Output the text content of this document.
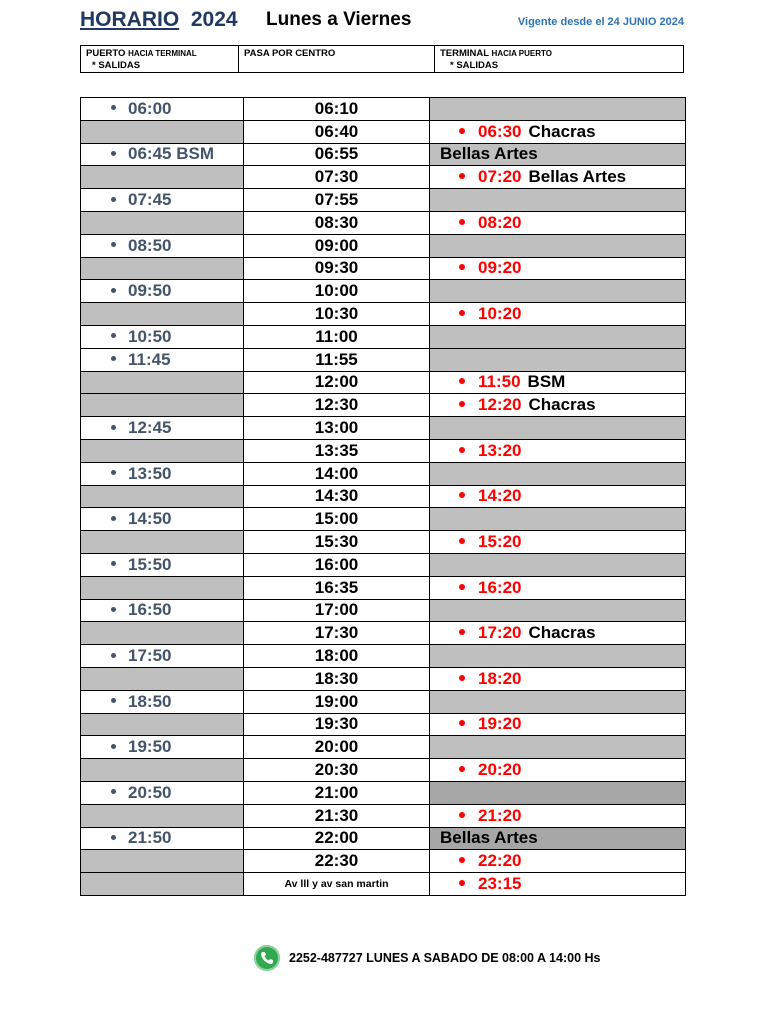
HORARIO 2024 Lunes a Viernes	Vigente desde el 24 JUNIO 2024
PUERTO HACIA TERMINAL
* SALIDAS
PASA POR CENTRO	TERMINAL HACIA PUERTO
* SALIDAS
06:00	06:10	
	06:40	06:30 Chacras
06:45 BSM	06:55	Bellas Artes
	07:30	07:20 Bellas Artes
07:45	07:55	
	08:30	08:20
08:50	09:00	
	09:30	09:20
09:50	10:00	
	10:30	10:20
10:50	11:00	
11:45	11:55	
	12:00	11:50 BSM
	12:30	12:20 Chacras
12:45	13:00	
	13:35	13:20
13:50	14:00	
	14:30	14:20
14:50	15:00	
	15:30	15:20
15:50	16:00	
	16:35	16:20
16:50	17:00	
	17:30	17:20 Chacras
17:50	18:00	
	18:30	18:20
18:50	19:00	
	19:30	19:20
19:50	20:00	
	20:30	20:20
20:50	21:00	
	21:30	21:20
21:50	22:00	Bellas Artes
	22:30	22:20
	Av lll y av san martin	23:15
2252-487727 LUNES A SABADO DE 08:00 A 14:00 Hs
